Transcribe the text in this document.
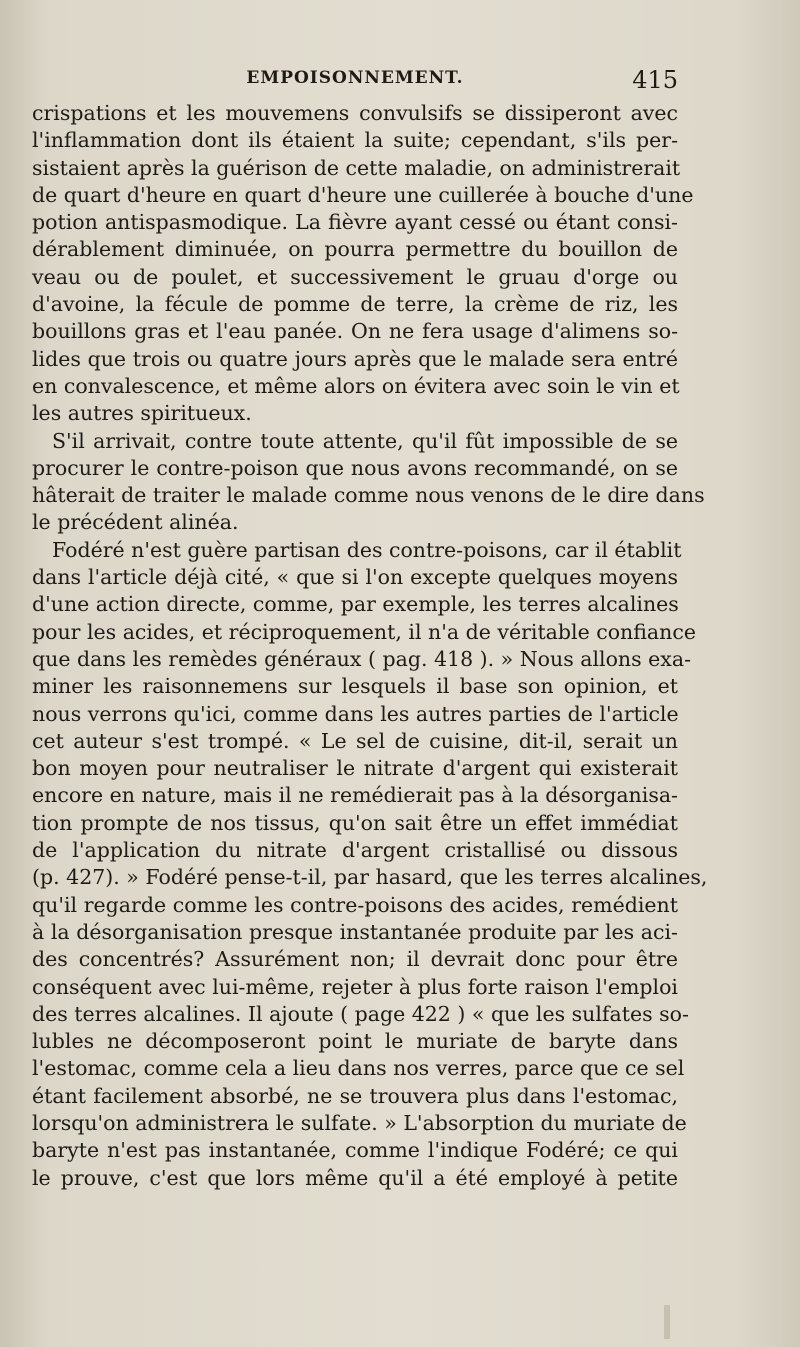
EMPOISONNEMENT.	415
crispations et les mouvemens convulsifs se dissiperont avec
l'inflammation dont ils étaient la suite; cependant, s'ils per-
sistaient après la guérison de cette maladie, on administrerait
de quart d'heure en quart d'heure une cuillerée à bouche d'une
potion antispasmodique. La fièvre ayant cessé ou étant consi-
dérablement diminuée, on pourra permettre du bouillon de
veau ou de poulet, et successivement le gruau d'orge ou
d'avoine, la fécule de pomme de terre, la crème de riz, les
bouillons gras et l'eau panée. On ne fera usage d'alimens so-
lides que trois ou quatre jours après que le malade sera entré
en convalescence, et même alors on évitera avec soin le vin et
les autres spiritueux.
S'il arrivait, contre toute attente, qu'il fût impossible de se
procurer le contre-poison que nous avons recommandé, on se
hâterait de traiter le malade comme nous venons de le dire dans
le précédent alinéa.
Fodéré n'est guère partisan des contre-poisons, car il établit
dans l'article déjà cité, « que si l'on excepte quelques moyens
d'une action directe, comme, par exemple, les terres alcalines
pour les acides, et réciproquement, il n'a de véritable confiance
que dans les remèdes généraux ( pag. 418 ). » Nous allons exa-
miner les raisonnemens sur lesquels il base son opinion, et
nous verrons qu'ici, comme dans les autres parties de l'article
cet auteur s'est trompé. « Le sel de cuisine, dit-il, serait un
bon moyen pour neutraliser le nitrate d'argent qui existerait
encore en nature, mais il ne remédierait pas à la désorganisa-
tion prompte de nos tissus, qu'on sait être un effet immédiat
de l'application du nitrate d'argent cristallisé ou dissous
(p. 427). » Fodéré pense-t-il, par hasard, que les terres alcalines,
qu'il regarde comme les contre-poisons des acides, remédient
à la désorganisation presque instantanée produite par les aci-
des concentrés? Assurément non; il devrait donc pour être
conséquent avec lui-même, rejeter à plus forte raison l'emploi
des terres alcalines. Il ajoute ( page 422 ) « que les sulfates so-
lubles ne décomposeront point le muriate de baryte dans
l'estomac, comme cela a lieu dans nos verres, parce que ce sel
étant facilement absorbé, ne se trouvera plus dans l'estomac,
lorsqu'on administrera le sulfate. » L'absorption du muriate de
baryte n'est pas instantanée, comme l'indique Fodéré; ce qui
le prouve, c'est que lors même qu'il a été employé à petite
